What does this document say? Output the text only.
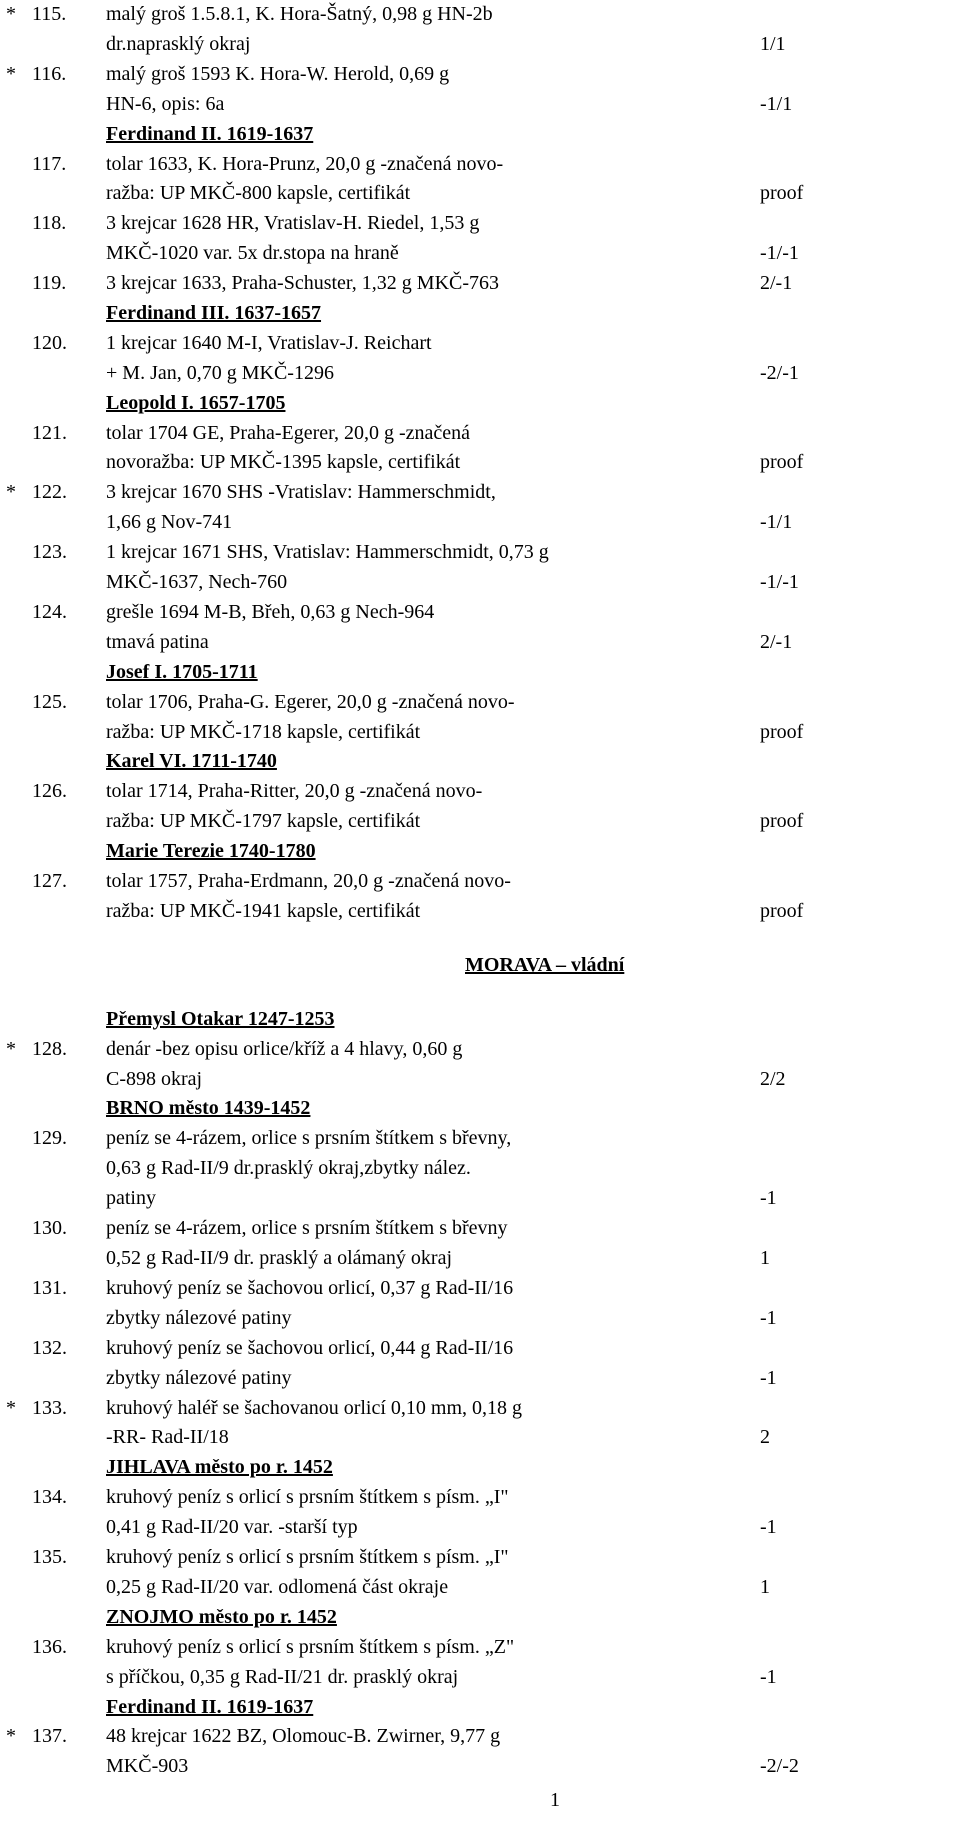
* 115. malý groš 1.5.8.1, K. Hora-Šatný, 0,98 g HN-2b
dr.naprasklý okraj	1/1
* 116. malý groš 1593 K. Hora-W. Herold, 0,69 g
HN-6, opis: 6a	-1/1
Ferdinand II. 1619-1637
117. tolar 1633, K. Hora-Prunz, 20,0 g -značená novo-
ražba: UP MKČ-800 kapsle, certifikát	proof
118. 3 krejcar 1628 HR, Vratislav-H. Riedel, 1,53 g
MKČ-1020 var. 5x dr.stopa na hraně	-1/-1
119. 3 krejcar 1633, Praha-Schuster, 1,32 g MKČ-763	2/-1
Ferdinand III. 1637-1657
120. 1 krejcar 1640 M-I, Vratislav-J. Reichart
+ M. Jan, 0,70 g MKČ-1296	-2/-1
Leopold I. 1657-1705
121. tolar 1704 GE, Praha-Egerer, 20,0 g -značená
novoražba: UP MKČ-1395 kapsle, certifikát	proof
* 122. 3 krejcar 1670 SHS -Vratislav: Hammerschmidt,
1,66 g Nov-741	-1/1
123. 1 krejcar 1671 SHS, Vratislav: Hammerschmidt, 0,73 g
MKČ-1637, Nech-760	-1/-1
124. grešle 1694 M-B, Břeh, 0,63 g Nech-964
tmavá patina	2/-1
Josef I. 1705-1711
125. tolar 1706, Praha-G. Egerer, 20,0 g -značená novo-
ražba: UP MKČ-1718 kapsle, certifikát	proof
Karel VI. 1711-1740
126. tolar 1714, Praha-Ritter, 20,0 g -značená novo-
ražba: UP MKČ-1797 kapsle, certifikát	proof
Marie Terezie 1740-1780
127. tolar 1757, Praha-Erdmann, 20,0 g -značená novo-
ražba: UP MKČ-1941 kapsle, certifikát	proof
MORAVA – vládní
Přemysl Otakar 1247-1253
* 128. denár -bez opisu orlice/kříž a 4 hlavy, 0,60 g
C-898 okraj	2/2
BRNO město 1439-1452
129. peníz se 4-rázem, orlice s prsním štítkem s břevny,
0,63 g Rad-II/9 dr.prasklý okraj,zbytky nález.
patiny	-1
130. peníz se 4-rázem, orlice s prsním štítkem s břevny
0,52 g Rad-II/9 dr. prasklý a olámaný okraj	1
131. kruhový peníz se šachovou orlicí, 0,37 g Rad-II/16
zbytky nálezové patiny	-1
132. kruhový peníz se šachovou orlicí, 0,44 g Rad-II/16
zbytky nálezové patiny	-1
* 133. kruhový haléř se šachovanou orlicí 0,10 mm, 0,18 g
-RR- Rad-II/18	2
JIHLAVA město po r. 1452
134. kruhový peníz s orlicí s prsním štítkem s písm. „I"
0,41 g Rad-II/20 var. -starší typ	-1
135. kruhový peníz s orlicí s prsním štítkem s písm. „I"
0,25 g Rad-II/20 var. odlomená část okraje	1
ZNOJMO město po r. 1452
136. kruhový peníz s orlicí s prsním štítkem s písm. „Z"
s příčkou, 0,35 g Rad-II/21 dr. prasklý okraj	-1
Ferdinand II. 1619-1637
* 137. 48 krejcar 1622 BZ, Olomouc-B. Zwirner, 9,77 g
MKČ-903	-2/-2
1
